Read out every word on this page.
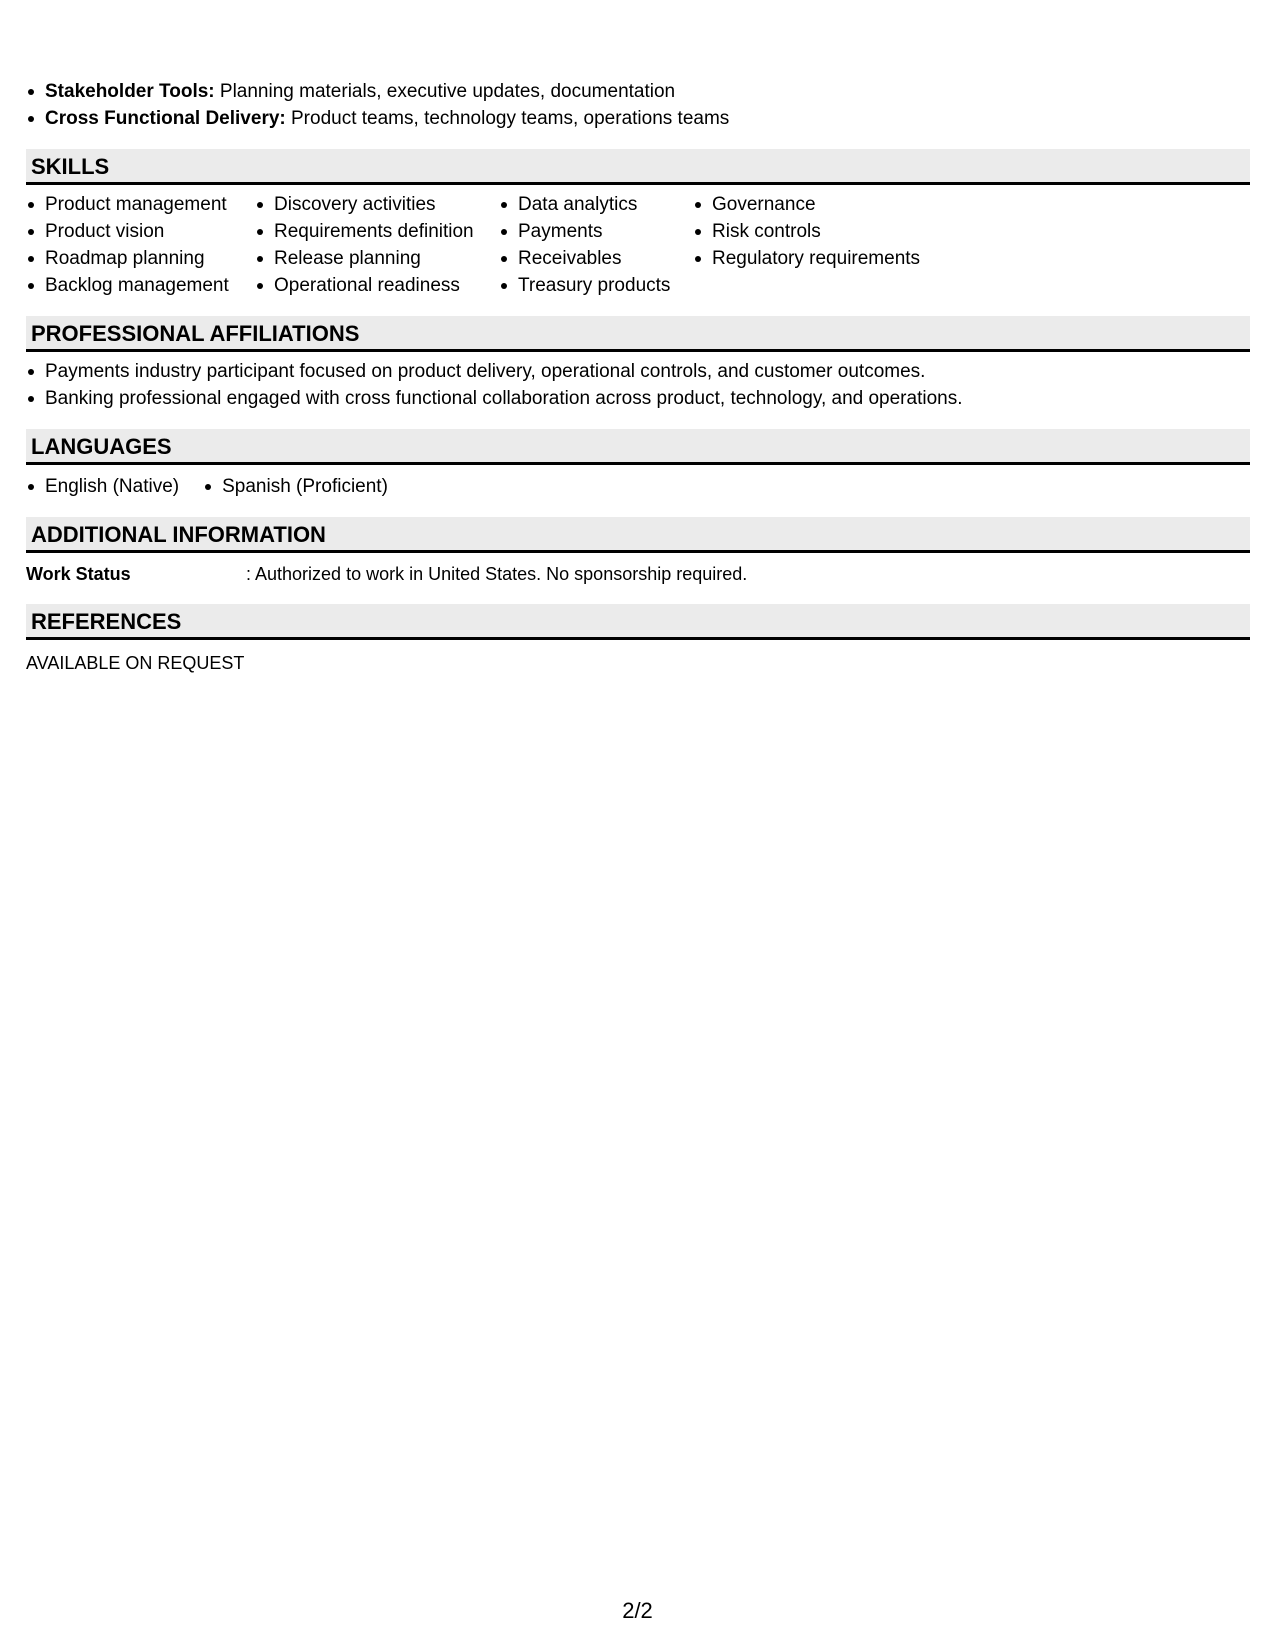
Stakeholder Tools: Planning materials, executive updates, documentation
Cross Functional Delivery: Product teams, technology teams, operations teams
SKILLS
Product management
Product vision
Roadmap planning
Backlog management
Discovery activities
Requirements definition
Release planning
Operational readiness
Data analytics
Payments
Receivables
Treasury products
Governance
Risk controls
Regulatory requirements
PROFESSIONAL AFFILIATIONS
Payments industry participant focused on product delivery, operational controls, and customer outcomes.
Banking professional engaged with cross functional collaboration across product, technology, and operations.
LANGUAGES
English (Native)	Spanish (Proficient)
ADDITIONAL INFORMATION
Work Status	: Authorized to work in United States. No sponsorship required.
REFERENCES
AVAILABLE ON REQUEST
2/2
